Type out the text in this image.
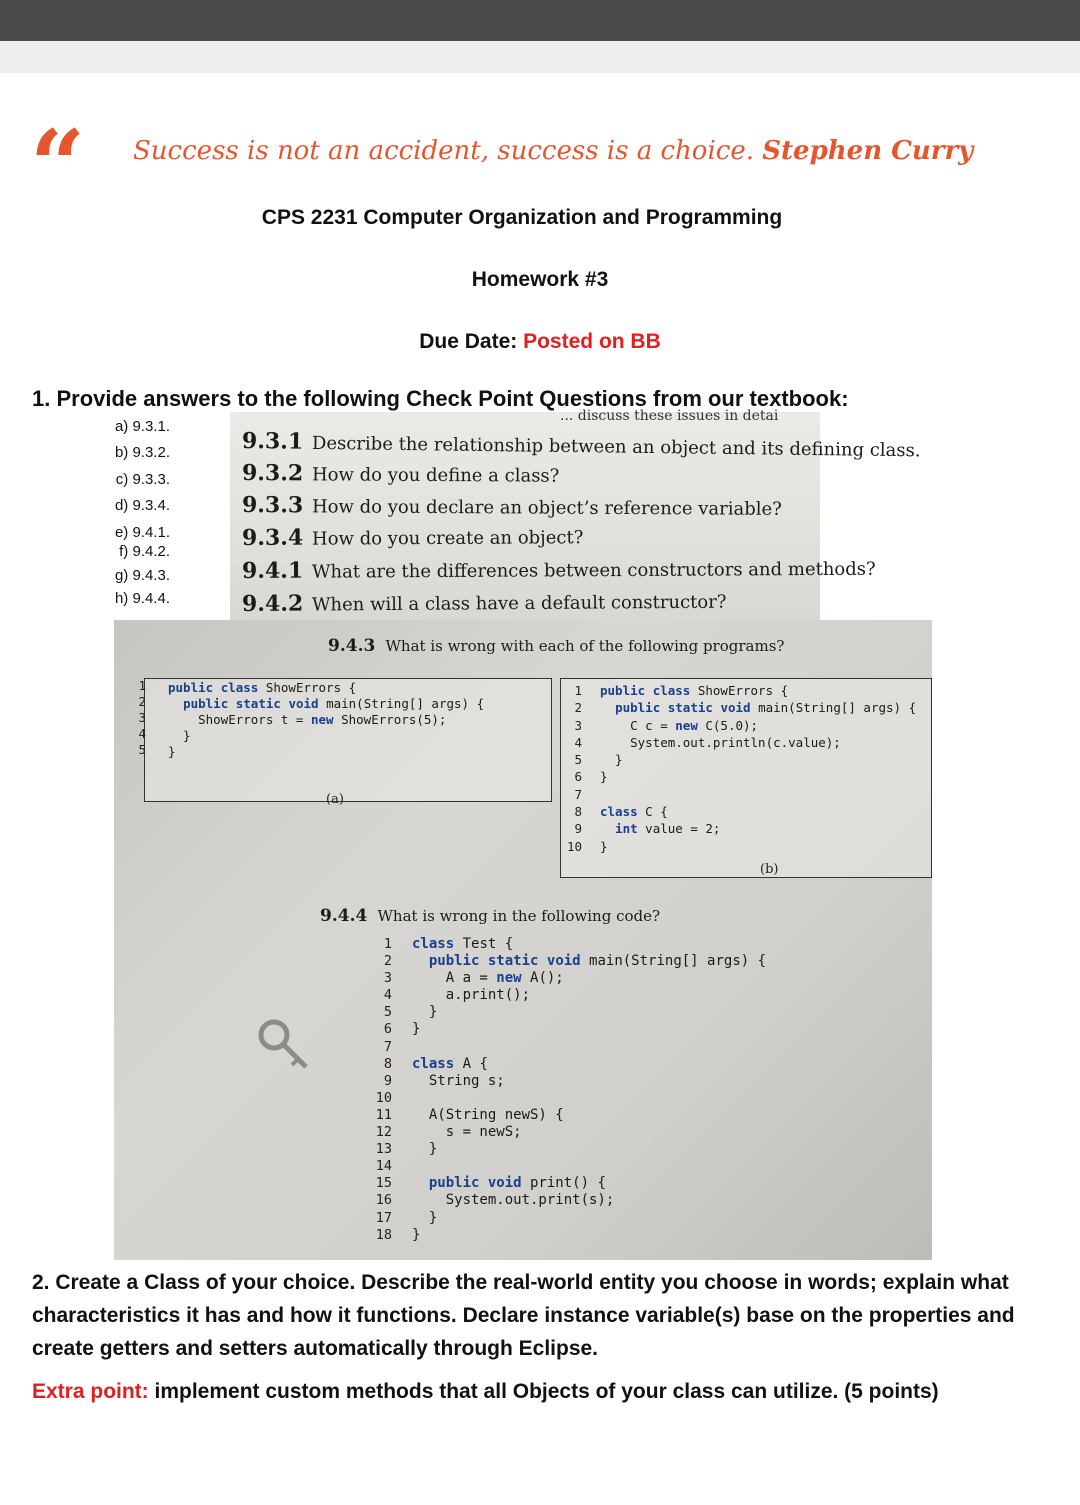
“ Success is not an accident, success is a choice. Stephen Curry
CPS 2231 Computer Organization and Programming
Homework #3
Due Date: Posted on BB
1. Provide answers to the following Check Point Questions from our textbook:
a) 9.3.1.
b) 9.3.2.
c) 9.3.3.
d) 9.3.4.
e) 9.4.1.
f) 9.4.2.
g) 9.4.3.
h) 9.4.4.
... discuss these issues in detai
9.3.1 Describe the relationship between an object and its defining class.
9.3.2 How do you define a class?
9.3.3 How do you declare an object’s reference variable?
9.3.4 How do you create an object?
9.4.1 What are the differences between constructors and methods?
9.4.2 When will a class have a default constructor?
9.4.3 What is wrong with each of the following programs?
1
2
3
4
5
public class ShowErrors {
public static void main(String[] args) {
ShowErrors t = new ShowErrors(5);
}
}
(a)
1
2
3
4
5
6
7
8
9
10
public class ShowErrors {
public static void main(String[] args) {
C c = new C(5.0);
System.out.println(c.value);
}
}

class C {
int value = 2;
}
(b)
9.4.4 What is wrong in the following code?
1
2
3
4
5
6
7
8
9
10
11
12
13
14
15
16
17
18
class Test {
public static void main(String[] args) {
A a = new A();
a.print();
}
}

class A {
String s;

A(String newS) {
s = newS;
}

public void print() {
System.out.print(s);
}
}
2. Create a Class of your choice. Describe the real-world entity you choose in words; explain what characteristics it has and how it functions. Declare instance variable(s) base on the properties and create getters and setters automatically through Eclipse.
Extra point: implement custom methods that all Objects of your class can utilize. (5 points)
